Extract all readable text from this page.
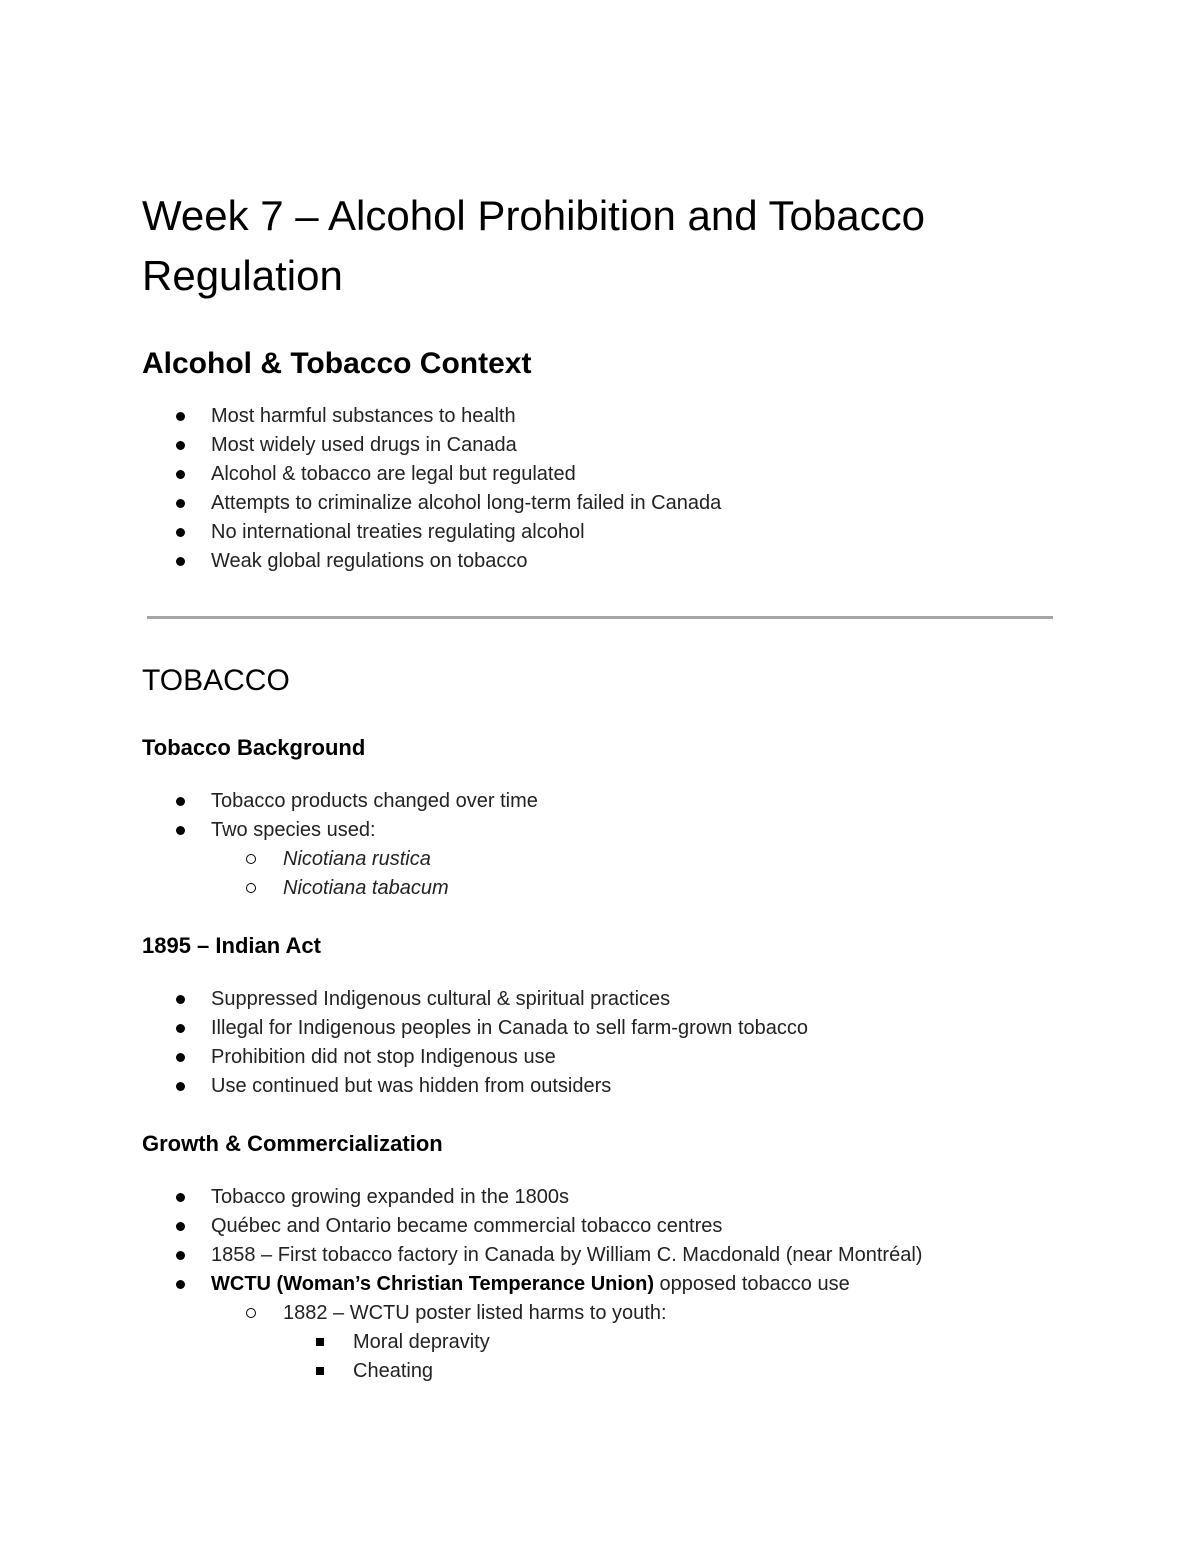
Week 7 – Alcohol Prohibition and Tobacco Regulation
Alcohol & Tobacco Context
Most harmful substances to health
Most widely used drugs in Canada
Alcohol & tobacco are legal but regulated
Attempts to criminalize alcohol long-term failed in Canada
No international treaties regulating alcohol
Weak global regulations on tobacco
TOBACCO
Tobacco Background
Tobacco products changed over time
Two species used:
Nicotiana rustica
Nicotiana tabacum
1895 – Indian Act
Suppressed Indigenous cultural & spiritual practices
Illegal for Indigenous peoples in Canada to sell farm-grown tobacco
Prohibition did not stop Indigenous use
Use continued but was hidden from outsiders
Growth & Commercialization
Tobacco growing expanded in the 1800s
Québec and Ontario became commercial tobacco centres
1858 – First tobacco factory in Canada by William C. Macdonald (near Montréal)
WCTU (Woman’s Christian Temperance Union) opposed tobacco use
1882 – WCTU poster listed harms to youth:
Moral depravity
Cheating
